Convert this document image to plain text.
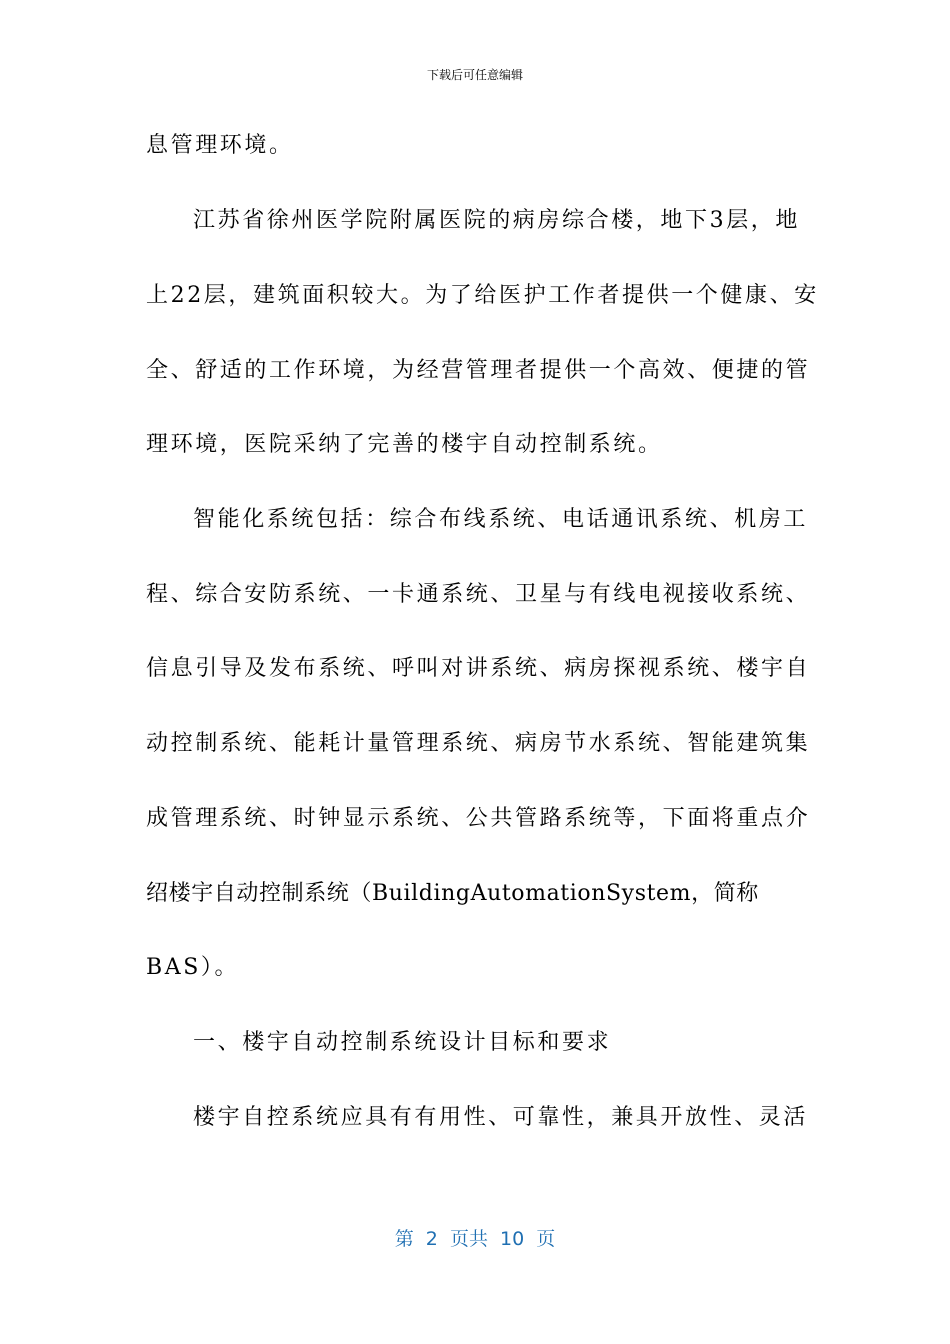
下载后可任意编辑
息管理环境。
江苏省徐州医学院附属医院的病房综合楼，地下3层，地
上22层，建筑面积较大。为了给医护工作者提供一个健康、安
全、舒适的工作环境，为经营管理者提供一个高效、便捷的管
理环境，医院采纳了完善的楼宇自动控制系统。
智能化系统包括：综合布线系统、电话通讯系统、机房工
程、综合安防系统、一卡通系统、卫星与有线电视接收系统、
信息引导及发布系统、呼叫对讲系统、病房探视系统、楼宇自
动控制系统、能耗计量管理系统、病房节水系统、智能建筑集
成管理系统、时钟显示系统、公共管路系统等，下面将重点介
绍楼宇自动控制系统（BuildingAutomationSystem，简称
BAS）。
一、楼宇自动控制系统设计目标和要求
楼宇自控系统应具有有用性、可靠性，兼具开放性、灵活
第  2  页共  10  页
